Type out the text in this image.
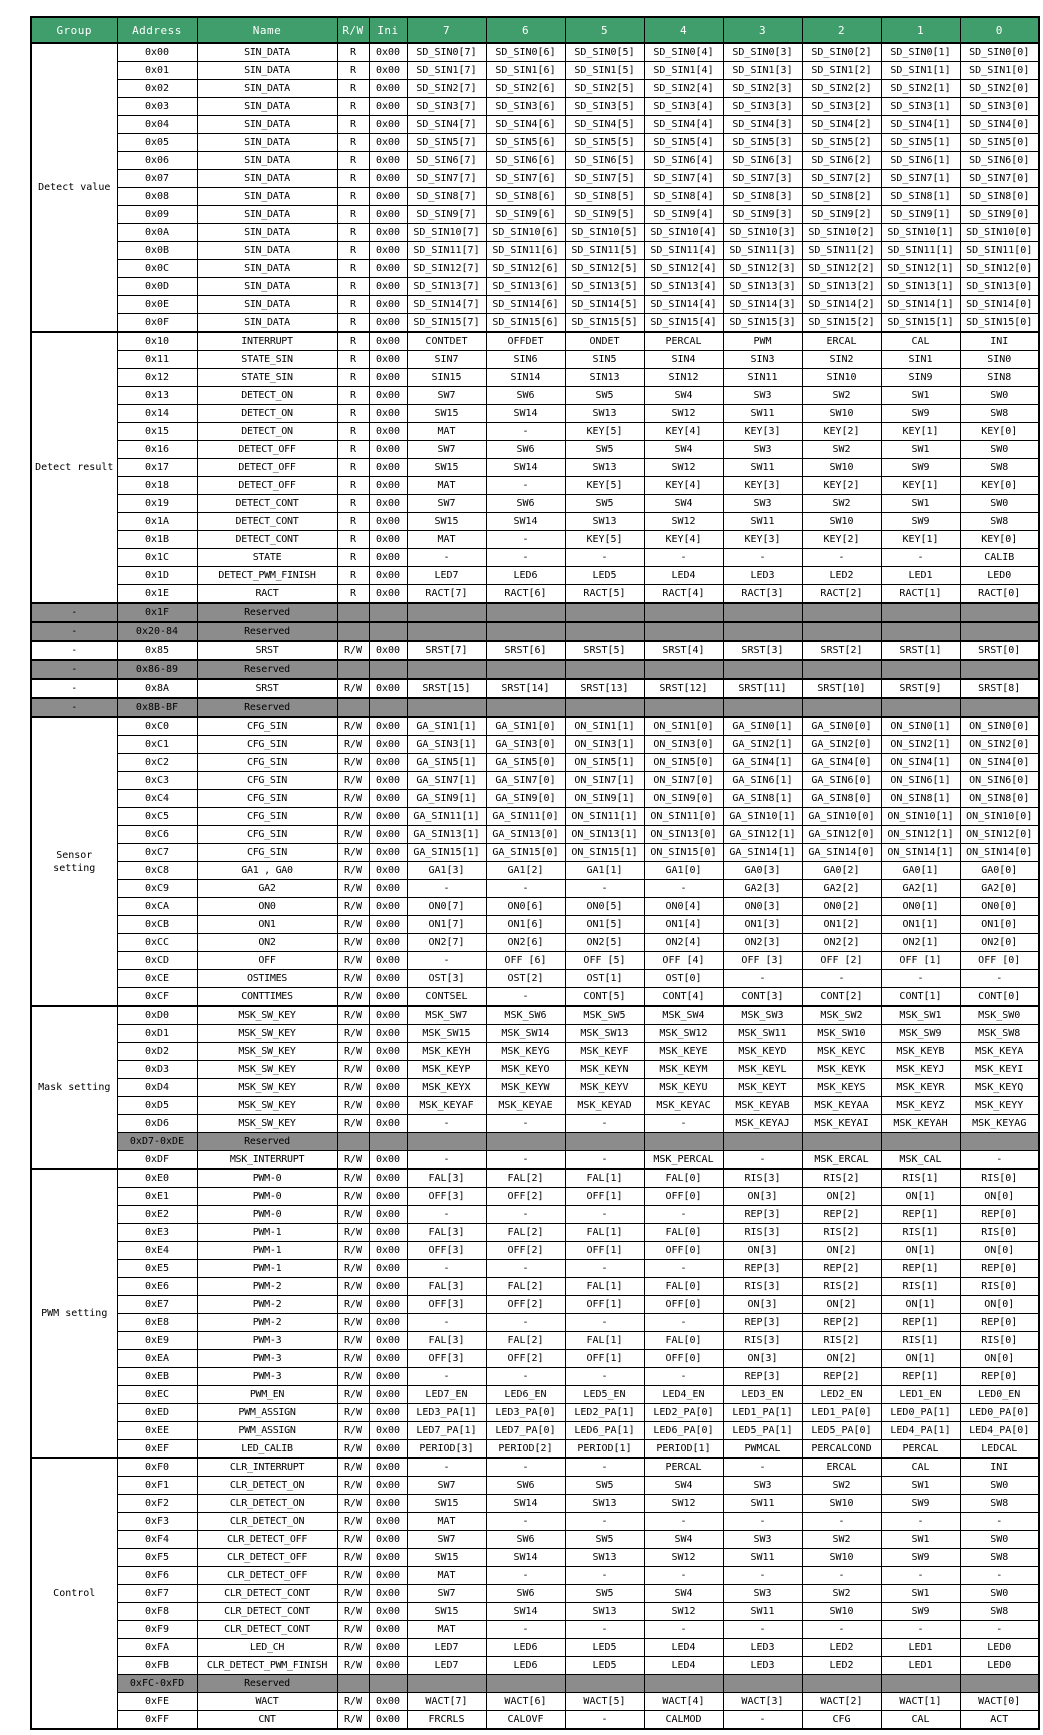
Group	Address	Name	R/W	Ini	7	6	5	4	3	2	1	0
Detect value	0x00	SIN_DATA	R	0x00	SD_SIN0[7]	SD_SIN0[6]	SD_SIN0[5]	SD_SIN0[4]	SD_SIN0[3]	SD_SIN0[2]	SD_SIN0[1]	SD_SIN0[0]
	0x01	SIN_DATA	R	0x00	SD_SIN1[7]	SD_SIN1[6]	SD_SIN1[5]	SD_SIN1[4]	SD_SIN1[3]	SD_SIN1[2]	SD_SIN1[1]	SD_SIN1[0]
	0x02	SIN_DATA	R	0x00	SD_SIN2[7]	SD_SIN2[6]	SD_SIN2[5]	SD_SIN2[4]	SD_SIN2[3]	SD_SIN2[2]	SD_SIN2[1]	SD_SIN2[0]
	0x03	SIN_DATA	R	0x00	SD_SIN3[7]	SD_SIN3[6]	SD_SIN3[5]	SD_SIN3[4]	SD_SIN3[3]	SD_SIN3[2]	SD_SIN3[1]	SD_SIN3[0]
	0x04	SIN_DATA	R	0x00	SD_SIN4[7]	SD_SIN4[6]	SD_SIN4[5]	SD_SIN4[4]	SD_SIN4[3]	SD_SIN4[2]	SD_SIN4[1]	SD_SIN4[0]
	0x05	SIN_DATA	R	0x00	SD_SIN5[7]	SD_SIN5[6]	SD_SIN5[5]	SD_SIN5[4]	SD_SIN5[3]	SD_SIN5[2]	SD_SIN5[1]	SD_SIN5[0]
	0x06	SIN_DATA	R	0x00	SD_SIN6[7]	SD_SIN6[6]	SD_SIN6[5]	SD_SIN6[4]	SD_SIN6[3]	SD_SIN6[2]	SD_SIN6[1]	SD_SIN6[0]
	0x07	SIN_DATA	R	0x00	SD_SIN7[7]	SD_SIN7[6]	SD_SIN7[5]	SD_SIN7[4]	SD_SIN7[3]	SD_SIN7[2]	SD_SIN7[1]	SD_SIN7[0]
	0x08	SIN_DATA	R	0x00	SD_SIN8[7]	SD_SIN8[6]	SD_SIN8[5]	SD_SIN8[4]	SD_SIN8[3]	SD_SIN8[2]	SD_SIN8[1]	SD_SIN8[0]
	0x09	SIN_DATA	R	0x00	SD_SIN9[7]	SD_SIN9[6]	SD_SIN9[5]	SD_SIN9[4]	SD_SIN9[3]	SD_SIN9[2]	SD_SIN9[1]	SD_SIN9[0]
	0x0A	SIN_DATA	R	0x00	SD_SIN10[7]	SD_SIN10[6]	SD_SIN10[5]	SD_SIN10[4]	SD_SIN10[3]	SD_SIN10[2]	SD_SIN10[1]	SD_SIN10[0]
	0x0B	SIN_DATA	R	0x00	SD_SIN11[7]	SD_SIN11[6]	SD_SIN11[5]	SD_SIN11[4]	SD_SIN11[3]	SD_SIN11[2]	SD_SIN11[1]	SD_SIN11[0]
	0x0C	SIN_DATA	R	0x00	SD_SIN12[7]	SD_SIN12[6]	SD_SIN12[5]	SD_SIN12[4]	SD_SIN12[3]	SD_SIN12[2]	SD_SIN12[1]	SD_SIN12[0]
	0x0D	SIN_DATA	R	0x00	SD_SIN13[7]	SD_SIN13[6]	SD_SIN13[5]	SD_SIN13[4]	SD_SIN13[3]	SD_SIN13[2]	SD_SIN13[1]	SD_SIN13[0]
	0x0E	SIN_DATA	R	0x00	SD_SIN14[7]	SD_SIN14[6]	SD_SIN14[5]	SD_SIN14[4]	SD_SIN14[3]	SD_SIN14[2]	SD_SIN14[1]	SD_SIN14[0]
	0x0F	SIN_DATA	R	0x00	SD_SIN15[7]	SD_SIN15[6]	SD_SIN15[5]	SD_SIN15[4]	SD_SIN15[3]	SD_SIN15[2]	SD_SIN15[1]	SD_SIN15[0]
Detect result	0x10	INTERRUPT	R	0x00	CONTDET	OFFDET	ONDET	PERCAL	PWM	ERCAL	CAL	INI
	0x11	STATE_SIN	R	0x00	SIN7	SIN6	SIN5	SIN4	SIN3	SIN2	SIN1	SIN0
	0x12	STATE_SIN	R	0x00	SIN15	SIN14	SIN13	SIN12	SIN11	SIN10	SIN9	SIN8
	0x13	DETECT_ON	R	0x00	SW7	SW6	SW5	SW4	SW3	SW2	SW1	SW0
	0x14	DETECT_ON	R	0x00	SW15	SW14	SW13	SW12	SW11	SW10	SW9	SW8
	0x15	DETECT_ON	R	0x00	MAT	-	KEY[5]	KEY[4]	KEY[3]	KEY[2]	KEY[1]	KEY[0]
	0x16	DETECT_OFF	R	0x00	SW7	SW6	SW5	SW4	SW3	SW2	SW1	SW0
	0x17	DETECT_OFF	R	0x00	SW15	SW14	SW13	SW12	SW11	SW10	SW9	SW8
	0x18	DETECT_OFF	R	0x00	MAT	-	KEY[5]	KEY[4]	KEY[3]	KEY[2]	KEY[1]	KEY[0]
	0x19	DETECT_CONT	R	0x00	SW7	SW6	SW5	SW4	SW3	SW2	SW1	SW0
	0x1A	DETECT_CONT	R	0x00	SW15	SW14	SW13	SW12	SW11	SW10	SW9	SW8
	0x1B	DETECT_CONT	R	0x00	MAT	-	KEY[5]	KEY[4]	KEY[3]	KEY[2]	KEY[1]	KEY[0]
	0x1C	STATE	R	0x00	-	-	-	-	-	-	-	CALIB
	0x1D	DETECT_PWM_FINISH	R	0x00	LED7	LED6	LED5	LED4	LED3	LED2	LED1	LED0
	0x1E	RACT	R	0x00	RACT[7]	RACT[6]	RACT[5]	RACT[4]	RACT[3]	RACT[2]	RACT[1]	RACT[0]
-	0x1F	Reserved										
-	0x20-84	Reserved										
-	0x85	SRST	R/W	0x00	SRST[7]	SRST[6]	SRST[5]	SRST[4]	SRST[3]	SRST[2]	SRST[1]	SRST[0]
-	0x86-89	Reserved										
-	0x8A	SRST	R/W	0x00	SRST[15]	SRST[14]	SRST[13]	SRST[12]	SRST[11]	SRST[10]	SRST[9]	SRST[8]
-	0x8B-BF	Reserved										
Sensor setting	0xC0	CFG_SIN	R/W	0x00	GA_SIN1[1]	GA_SIN1[0]	ON_SIN1[1]	ON_SIN1[0]	GA_SIN0[1]	GA_SIN0[0]	ON_SIN0[1]	ON_SIN0[0]
	0xC1	CFG_SIN	R/W	0x00	GA_SIN3[1]	GA_SIN3[0]	ON_SIN3[1]	ON_SIN3[0]	GA_SIN2[1]	GA_SIN2[0]	ON_SIN2[1]	ON_SIN2[0]
	0xC2	CFG_SIN	R/W	0x00	GA_SIN5[1]	GA_SIN5[0]	ON_SIN5[1]	ON_SIN5[0]	GA_SIN4[1]	GA_SIN4[0]	ON_SIN4[1]	ON_SIN4[0]
	0xC3	CFG_SIN	R/W	0x00	GA_SIN7[1]	GA_SIN7[0]	ON_SIN7[1]	ON_SIN7[0]	GA_SIN6[1]	GA_SIN6[0]	ON_SIN6[1]	ON_SIN6[0]
	0xC4	CFG_SIN	R/W	0x00	GA_SIN9[1]	GA_SIN9[0]	ON_SIN9[1]	ON_SIN9[0]	GA_SIN8[1]	GA_SIN8[0]	ON_SIN8[1]	ON_SIN8[0]
	0xC5	CFG_SIN	R/W	0x00	GA_SIN11[1]	GA_SIN11[0]	ON_SIN11[1]	ON_SIN11[0]	GA_SIN10[1]	GA_SIN10[0]	ON_SIN10[1]	ON_SIN10[0]
	0xC6	CFG_SIN	R/W	0x00	GA_SIN13[1]	GA_SIN13[0]	ON_SIN13[1]	ON_SIN13[0]	GA_SIN12[1]	GA_SIN12[0]	ON_SIN12[1]	ON_SIN12[0]
	0xC7	CFG_SIN	R/W	0x00	GA_SIN15[1]	GA_SIN15[0]	ON_SIN15[1]	ON_SIN15[0]	GA_SIN14[1]	GA_SIN14[0]	ON_SIN14[1]	ON_SIN14[0]
	0xC8	GA1 , GA0	R/W	0x00	GA1[3]	GA1[2]	GA1[1]	GA1[0]	GA0[3]	GA0[2]	GA0[1]	GA0[0]
	0xC9	GA2	R/W	0x00	-	-	-	-	GA2[3]	GA2[2]	GA2[1]	GA2[0]
	0xCA	ON0	R/W	0x00	ON0[7]	ON0[6]	ON0[5]	ON0[4]	ON0[3]	ON0[2]	ON0[1]	ON0[0]
	0xCB	ON1	R/W	0x00	ON1[7]	ON1[6]	ON1[5]	ON1[4]	ON1[3]	ON1[2]	ON1[1]	ON1[0]
	0xCC	ON2	R/W	0x00	ON2[7]	ON2[6]	ON2[5]	ON2[4]	ON2[3]	ON2[2]	ON2[1]	ON2[0]
	0xCD	OFF	R/W	0x00	-	OFF [6]	OFF [5]	OFF [4]	OFF [3]	OFF [2]	OFF [1]	OFF [0]
	0xCE	OSTIMES	R/W	0x00	OST[3]	OST[2]	OST[1]	OST[0]	-	-	-	-
	0xCF	CONTTIMES	R/W	0x00	CONTSEL	-	CONT[5]	CONT[4]	CONT[3]	CONT[2]	CONT[1]	CONT[0]
Mask setting	0xD0	MSK_SW_KEY	R/W	0x00	MSK_SW7	MSK_SW6	MSK_SW5	MSK_SW4	MSK_SW3	MSK_SW2	MSK_SW1	MSK_SW0
	0xD1	MSK_SW_KEY	R/W	0x00	MSK_SW15	MSK_SW14	MSK_SW13	MSK_SW12	MSK_SW11	MSK_SW10	MSK_SW9	MSK_SW8
	0xD2	MSK_SW_KEY	R/W	0x00	MSK_KEYH	MSK_KEYG	MSK_KEYF	MSK_KEYE	MSK_KEYD	MSK_KEYC	MSK_KEYB	MSK_KEYA
	0xD3	MSK_SW_KEY	R/W	0x00	MSK_KEYP	MSK_KEYO	MSK_KEYN	MSK_KEYM	MSK_KEYL	MSK_KEYK	MSK_KEYJ	MSK_KEYI
	0xD4	MSK_SW_KEY	R/W	0x00	MSK_KEYX	MSK_KEYW	MSK_KEYV	MSK_KEYU	MSK_KEYT	MSK_KEYS	MSK_KEYR	MSK_KEYQ
	0xD5	MSK_SW_KEY	R/W	0x00	MSK_KEYAF	MSK_KEYAE	MSK_KEYAD	MSK_KEYAC	MSK_KEYAB	MSK_KEYAA	MSK_KEYZ	MSK_KEYY
	0xD6	MSK_SW_KEY	R/W	0x00	-	-	-	-	MSK_KEYAJ	MSK_KEYAI	MSK_KEYAH	MSK_KEYAG
	0xD7-0xDE	Reserved										
	0xDF	MSK_INTERRUPT	R/W	0x00	-	-	-	MSK_PERCAL	-	MSK_ERCAL	MSK_CAL	-
PWM setting	0xE0	PWM-0	R/W	0x00	FAL[3]	FAL[2]	FAL[1]	FAL[0]	RIS[3]	RIS[2]	RIS[1]	RIS[0]
	0xE1	PWM-0	R/W	0x00	OFF[3]	OFF[2]	OFF[1]	OFF[0]	ON[3]	ON[2]	ON[1]	ON[0]
	0xE2	PWM-0	R/W	0x00	-	-	-	-	REP[3]	REP[2]	REP[1]	REP[0]
	0xE3	PWM-1	R/W	0x00	FAL[3]	FAL[2]	FAL[1]	FAL[0]	RIS[3]	RIS[2]	RIS[1]	RIS[0]
	0xE4	PWM-1	R/W	0x00	OFF[3]	OFF[2]	OFF[1]	OFF[0]	ON[3]	ON[2]	ON[1]	ON[0]
	0xE5	PWM-1	R/W	0x00	-	-	-	-	REP[3]	REP[2]	REP[1]	REP[0]
	0xE6	PWM-2	R/W	0x00	FAL[3]	FAL[2]	FAL[1]	FAL[0]	RIS[3]	RIS[2]	RIS[1]	RIS[0]
	0xE7	PWM-2	R/W	0x00	OFF[3]	OFF[2]	OFF[1]	OFF[0]	ON[3]	ON[2]	ON[1]	ON[0]
	0xE8	PWM-2	R/W	0x00	-	-	-	-	REP[3]	REP[2]	REP[1]	REP[0]
	0xE9	PWM-3	R/W	0x00	FAL[3]	FAL[2]	FAL[1]	FAL[0]	RIS[3]	RIS[2]	RIS[1]	RIS[0]
	0xEA	PWM-3	R/W	0x00	OFF[3]	OFF[2]	OFF[1]	OFF[0]	ON[3]	ON[2]	ON[1]	ON[0]
	0xEB	PWM-3	R/W	0x00	-	-	-	-	REP[3]	REP[2]	REP[1]	REP[0]
	0xEC	PWM_EN	R/W	0x00	LED7_EN	LED6_EN	LED5_EN	LED4_EN	LED3_EN	LED2_EN	LED1_EN	LED0_EN
	0xED	PWM_ASSIGN	R/W	0x00	LED3_PA[1]	LED3_PA[0]	LED2_PA[1]	LED2_PA[0]	LED1_PA[1]	LED1_PA[0]	LED0_PA[1]	LED0_PA[0]
	0xEE	PWM_ASSIGN	R/W	0x00	LED7_PA[1]	LED7_PA[0]	LED6_PA[1]	LED6_PA[0]	LED5_PA[1]	LED5_PA[0]	LED4_PA[1]	LED4_PA[0]
	0xEF	LED_CALIB	R/W	0x00	PERIOD[3]	PERIOD[2]	PERIOD[1]	PERIOD[1]	PWMCAL	PERCALCOND	PERCAL	LEDCAL
Control	0xF0	CLR_INTERRUPT	R/W	0x00	-	-	-	PERCAL	-	ERCAL	CAL	INI
	0xF1	CLR_DETECT_ON	R/W	0x00	SW7	SW6	SW5	SW4	SW3	SW2	SW1	SW0
	0xF2	CLR_DETECT_ON	R/W	0x00	SW15	SW14	SW13	SW12	SW11	SW10	SW9	SW8
	0xF3	CLR_DETECT_ON	R/W	0x00	MAT	-	-	-	-	-	-	-
	0xF4	CLR_DETECT_OFF	R/W	0x00	SW7	SW6	SW5	SW4	SW3	SW2	SW1	SW0
	0xF5	CLR_DETECT_OFF	R/W	0x00	SW15	SW14	SW13	SW12	SW11	SW10	SW9	SW8
	0xF6	CLR_DETECT_OFF	R/W	0x00	MAT	-	-	-	-	-	-	-
	0xF7	CLR_DETECT_CONT	R/W	0x00	SW7	SW6	SW5	SW4	SW3	SW2	SW1	SW0
	0xF8	CLR_DETECT_CONT	R/W	0x00	SW15	SW14	SW13	SW12	SW11	SW10	SW9	SW8
	0xF9	CLR_DETECT_CONT	R/W	0x00	MAT	-	-	-	-	-	-	-
	0xFA	LED_CH	R/W	0x00	LED7	LED6	LED5	LED4	LED3	LED2	LED1	LED0
	0xFB	CLR_DETECT_PWM_FINISH	R/W	0x00	LED7	LED6	LED5	LED4	LED3	LED2	LED1	LED0
	0xFC-0xFD	Reserved										
	0xFE	WACT	R/W	0x00	WACT[7]	WACT[6]	WACT[5]	WACT[4]	WACT[3]	WACT[2]	WACT[1]	WACT[0]
	0xFF	CNT	R/W	0x00	FRCRLS	CALOVF	-	CALMOD	-	CFG	CAL	ACT
